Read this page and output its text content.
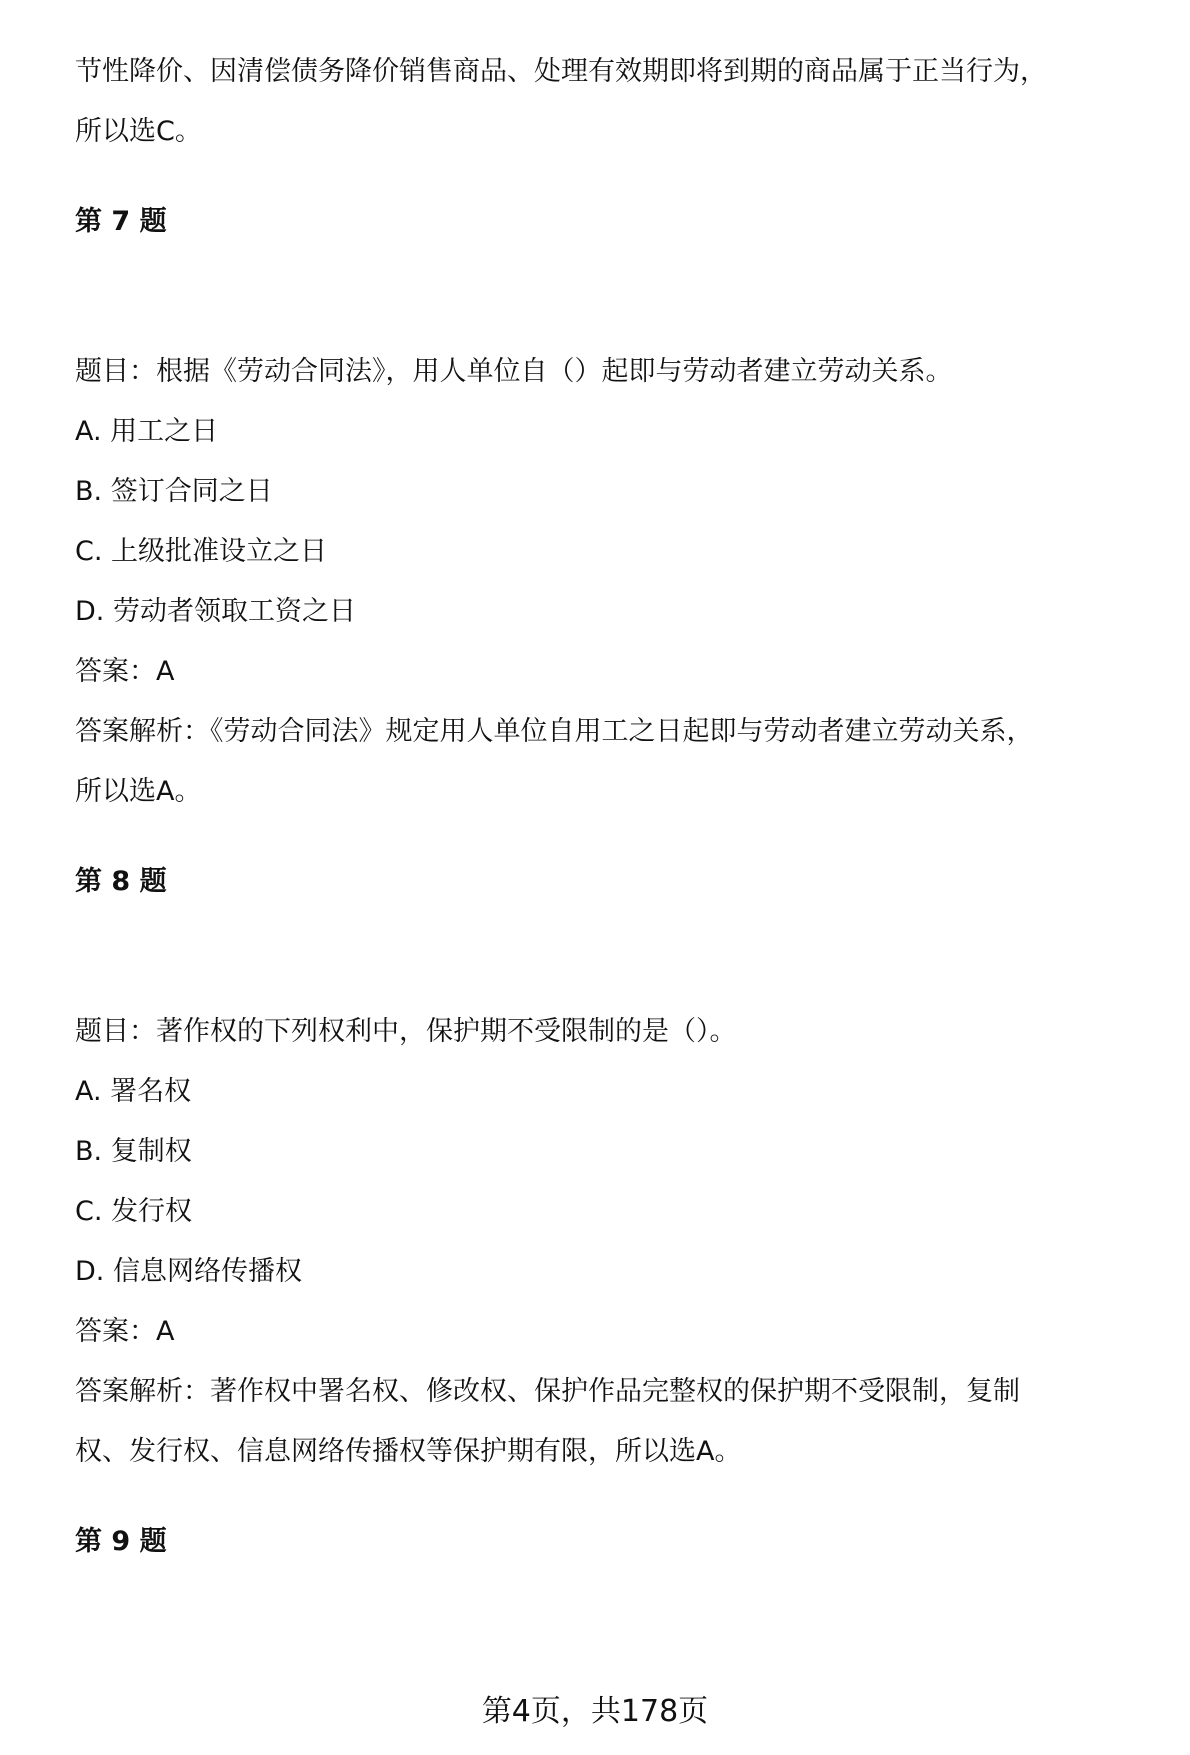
节性降价、因清偿债务降价销售商品、处理有效期即将到期的商品属于正当行为，

所以选C。

第 7 题

题目：根据《劳动合同法》，用人单位自（）起即与劳动者建立劳动关系。

A. 用工之日

B. 签订合同之日

C. 上级批准设立之日

D. 劳动者领取工资之日

答案：A

答案解析：《劳动合同法》规定用人单位自用工之日起即与劳动者建立劳动关系，

所以选A。

第 8 题

题目：著作权的下列权利中，保护期不受限制的是（）。

A. 署名权

B. 复制权

C. 发行权

D. 信息网络传播权

答案：A

答案解析：著作权中署名权、修改权、保护作品完整权的保护期不受限制，复制

权、发行权、信息网络传播权等保护期有限，所以选A。

第 9 题

第4页，共178页
